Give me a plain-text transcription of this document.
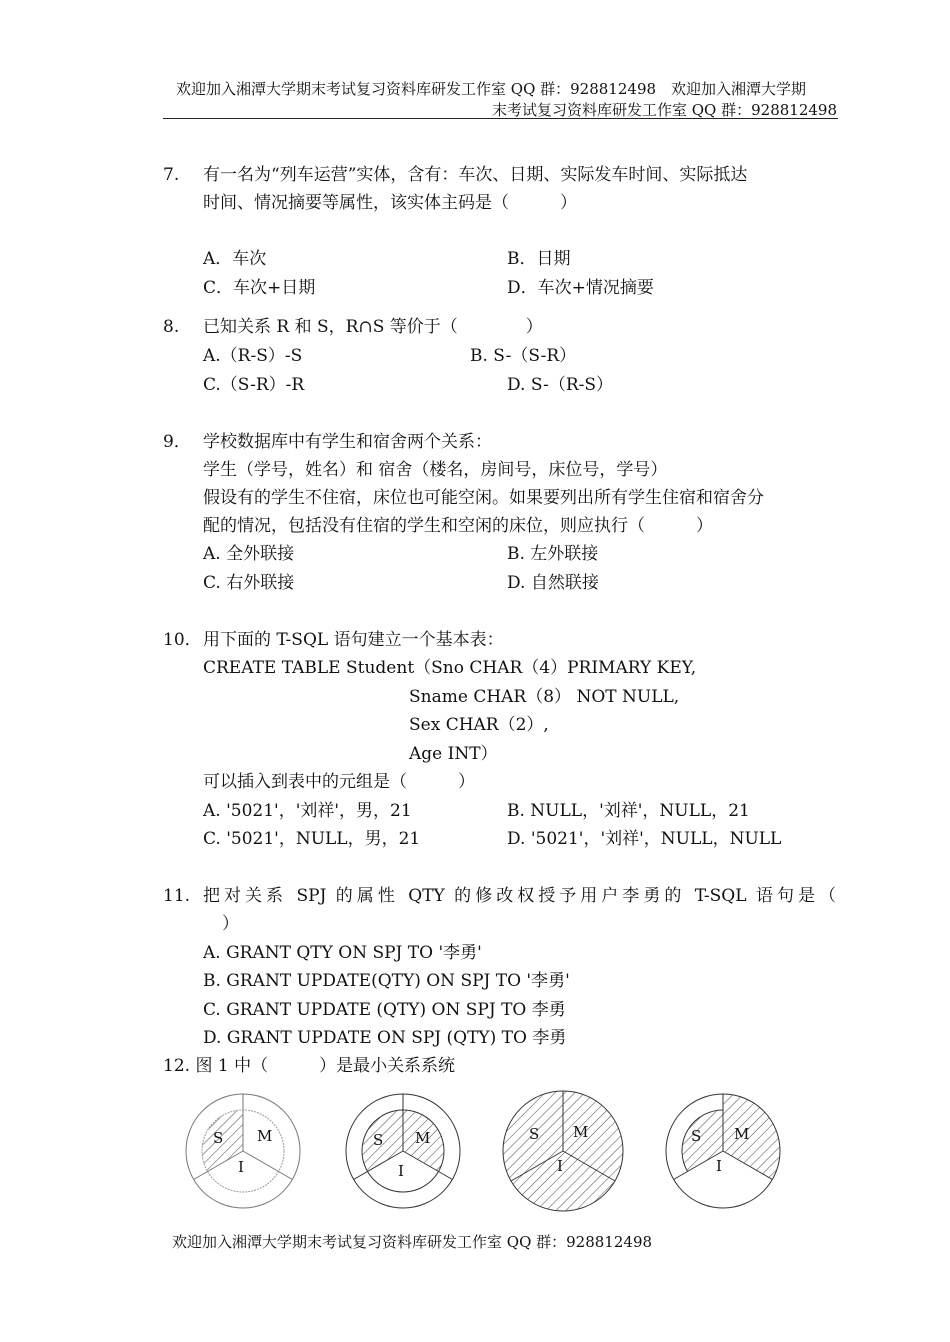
欢迎加入湘潭大学期末考试复习资料库研发工作室 QQ 群：928812498　欢迎加入湘潭大学期
末考试复习资料库研发工作室 QQ 群：928812498
7. 有一名为“列车运营”实体，含有：车次、日期、实际发车时间、实际抵达
时间、情况摘要等属性，该实体主码是（　　　）
A．车次	B．日期
C．车次+日期	D．车次+情况摘要
8. 已知关系 R 和 S，R∩S 等价于（　　　　）
A.（R-S）-S	B. S-（S-R）
C.（S-R）-R	D. S-（R-S）
9． 学校数据库中有学生和宿舍两个关系：
学生（学号，姓名）和 宿舍（楼名，房间号，床位号，学号）
假设有的学生不住宿，床位也可能空闲。如果要列出所有学生住宿和宿舍分
配的情况，包括没有住宿的学生和空闲的床位，则应执行（　　　）
A. 全外联接	B. 左外联接
C. 右外联接	D. 自然联接
10． 用下面的 T-SQL 语句建立一个基本表：
CREATE TABLE Student（Sno CHAR（4）PRIMARY KEY,
Sname CHAR（8） NOT NULL,
Sex CHAR（2）,
Age INT）
可以插入到表中的元组是（　　　）
A. '5021'，'刘祥'，男，21	B. NULL，'刘祥'，NULL，21
C. '5021'，NULL，男，21	D. '5021'，'刘祥'，NULL，NULL
11. 把对关系 SPJ 的属性 QTY 的修改权授予用户李勇的 T-SQL 语句是（
）
A. GRANT QTY ON SPJ TO '李勇'
B. GRANT UPDATE(QTY) ON SPJ TO '李勇'
C. GRANT UPDATE (QTY) ON SPJ TO 李勇
D. GRANT UPDATE ON SPJ (QTY) TO 李勇
12. 图 1 中（　　　）是最小关系系统
S M
I
S M
I
S M
I
S M
I
欢迎加入湘潭大学期末考试复习资料库研发工作室 QQ 群：928812498
